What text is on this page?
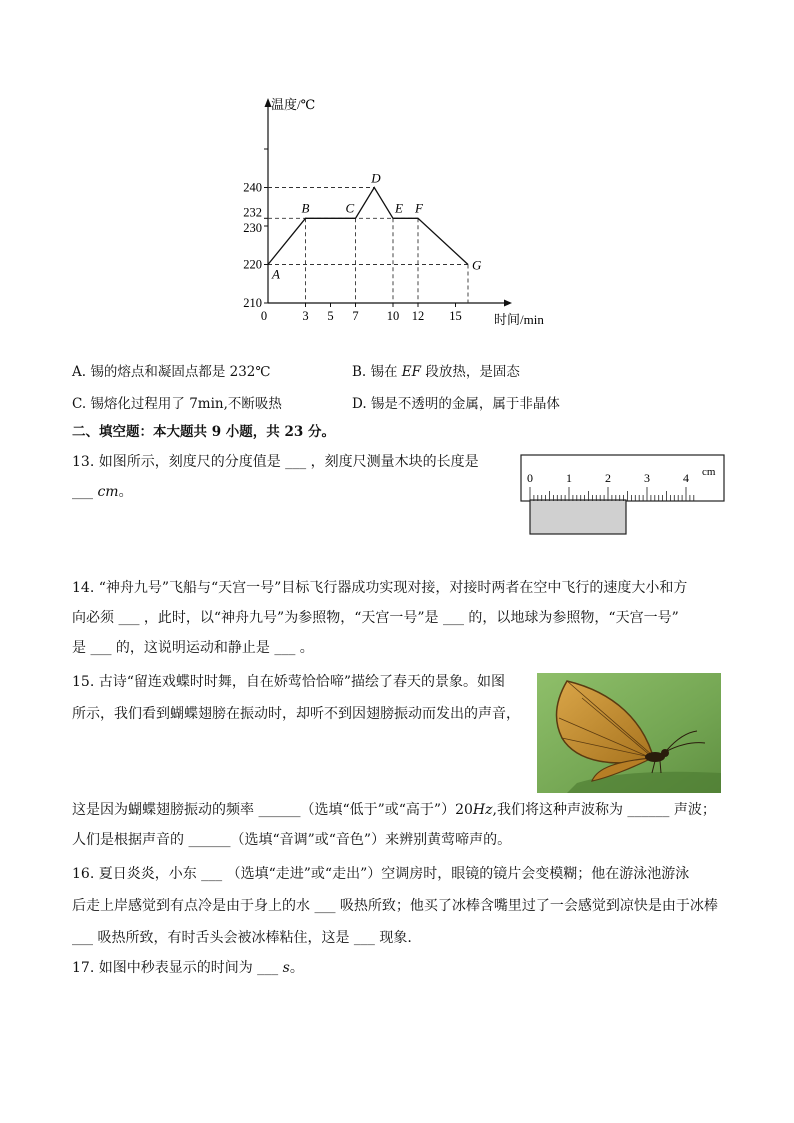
温度/℃
时间/min
210
220
230
232
240
0	3 5 7 10 12 15
A
B	C
D
E F
G
A. 锡的熔点和凝固点都是 232℃	B. 锡在 EF 段放热，是固态
C. 锡熔化过程用了 7min,不断吸热	D. 锡是不透明的金属，属于非晶体
二、填空题：本大题共 9 小题，共 23 分。
13. 如图所示，刻度尺的分度值是 ___ ，刻度尺测量木块的长度是
___ cm。
cm
0	1	2	3	4
14. “神舟九号”飞船与“天宫一号”目标飞行器成功实现对接，对接时两者在空中飞行的速度大小和方
向必须 ___ ，此时，以“神舟九号”为参照物，“天宫一号”是 ___ 的，以地球为参照物，“天宫一号”
是 ___ 的，这说明运动和静止是 ___ 。
15. 古诗“留连戏蝶时时舞，自在娇莺恰恰啼”描绘了春天的景象。如图
所示，我们看到蝴蝶翅膀在振动时，却听不到因翅膀振动而发出的声音，
这是因为蝴蝶翅膀振动的频率 ______（选填“低于”或“高于”）20Hz,我们将这种声波称为 ______ 声波；
人们是根据声音的 ______（选填“音调”或“音色”）来辨别黄莺啼声的。
16. 夏日炎炎，小东 ___ （选填“走进”或“走出”）空调房时，眼镜的镜片会变模糊；他在游泳池游泳
后走上岸感觉到有点冷是由于身上的水 ___ 吸热所致；他买了冰棒含嘴里过了一会感觉到凉快是由于冰棒
___ 吸热所致，有时舌头会被冰棒粘住，这是 ___ 现象.
17. 如图中秒表显示的时间为 ___ s。
